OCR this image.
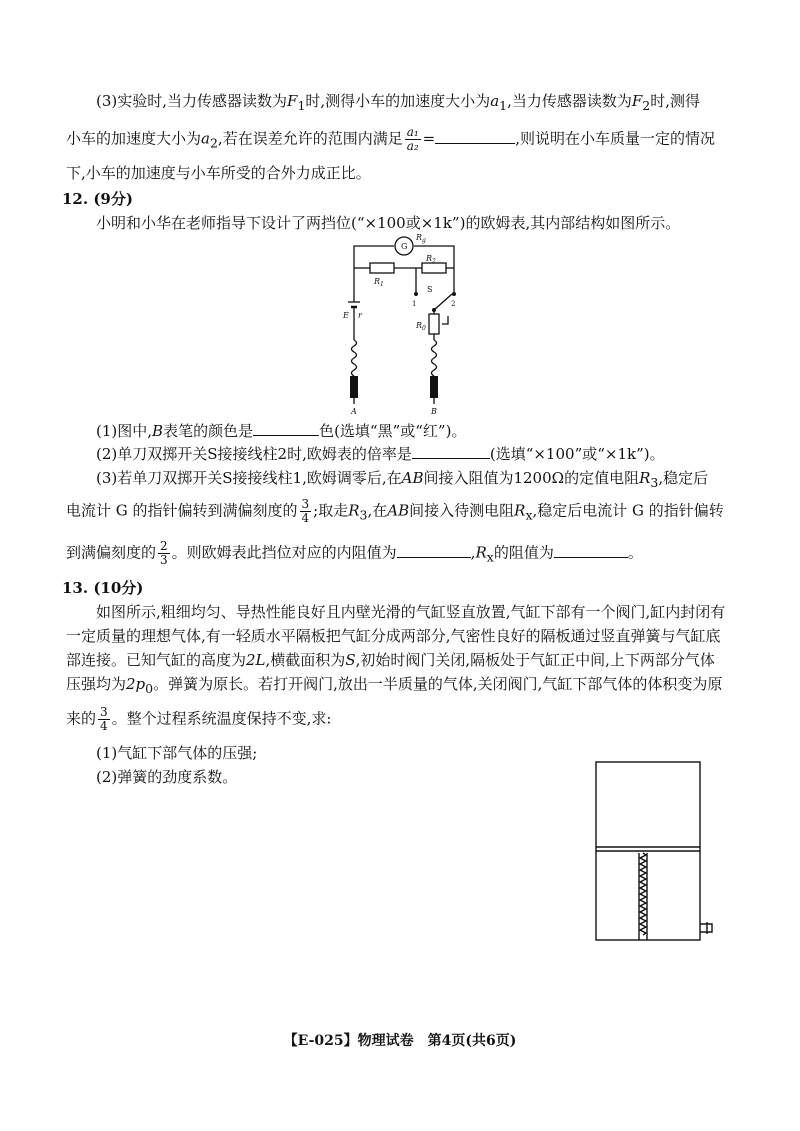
(3)实验时,当力传感器读数为$F_1$时,测得小车的加速度大小为$a_1$,当力传感器读数为$F_2$时,测得
小车的加速度大小为$a_2$,若在误差允许的范围内满足 $\frac{\text{a₁}}{\text{a₂}}$ =	,则说明在小车质量一定的情况
下,小车的加速度与小车所受的合外力成正比。
12. (9分)
小明和小华在老师指导下设计了两挡位(“×100或×1k”)的欧姆表,其内部结构如图所示。
G
$R_g$
$R_1$
$R_2$
S
1	2
E r
$R_0$
A	B
(1)图中,B表笔的颜色是	色(选填“黑”或“红”)。
(2)单刀双掷开关S接接线柱2时,欧姆表的倍率是	(选填“×100”或“×1k”)。
(3)若单刀双掷开关S接接线柱1,欧姆调零后,在AB间接入阻值为1200Ω的定值电阻$R_3$,稳定后
电流计 G 的指针偏转到满偏刻度的 $\frac{3}{4}$ ;取走$R_3$,在AB间接入待测电阻$R_x$,稳定后电流计 G 的指针偏转
到满偏刻度的 $\frac{2}{3}$ 。则欧姆表此挡位对应的内阻值为	$,R_x$的阻值为	。
13. (10分)
如图所示,粗细均匀、导热性能良好且内壁光滑的气缸竖直放置,气缸下部有一个阀门,缸内封闭有
一定质量的理想气体,有一轻质水平隔板把气缸分成两部分,气密性良好的隔板通过竖直弹簧与气缸底
部连接。已知气缸的高度为2L,横截面积为S,初始时阀门关闭,隔板处于气缸正中间,上下两部分气体
压强均为$2p_0$。弹簧为原长。若打开阀门,放出一半质量的气体,关闭阀门,气缸下部气体的体积变为原
来的 $\frac{3}{4}$ 。整个过程系统温度保持不变,求:
(1)气缸下部气体的压强;
(2)弹簧的劲度系数。
【E-025】物理试卷　第4页(共6页)
